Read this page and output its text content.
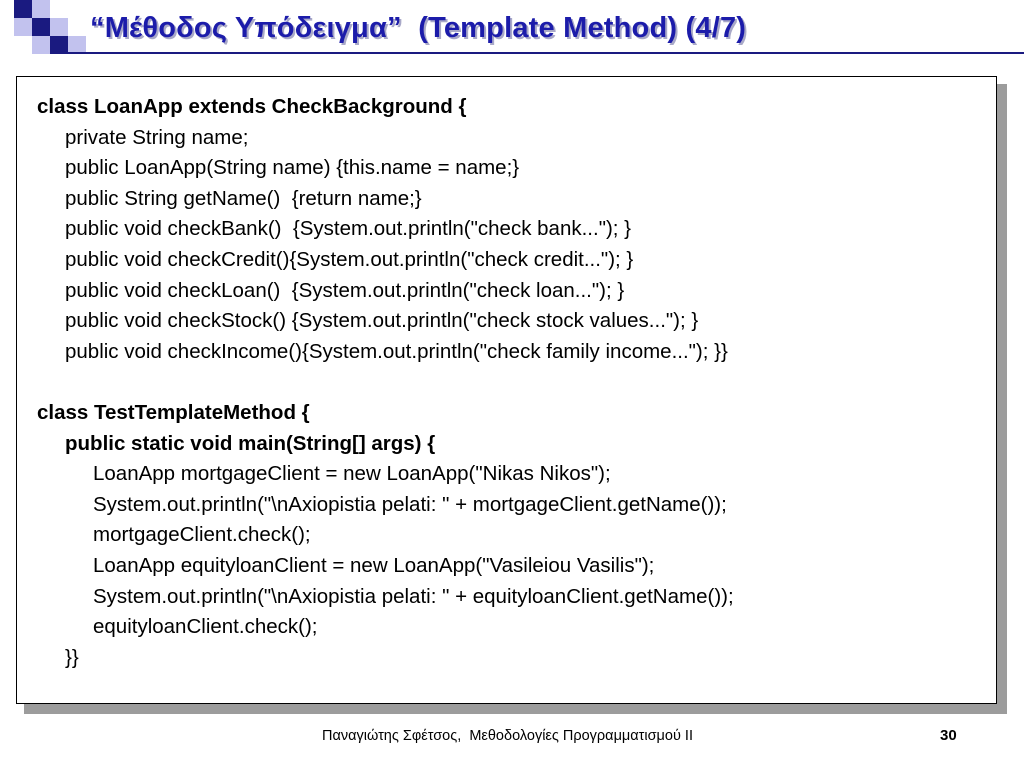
“Μέθοδος Υπόδειγμα”  (Template Method) (4/7)
class LoanApp extends CheckBackground {
private String name;
public LoanApp(String name) {this.name = name;}
public String getName()  {return name;}
public void checkBank()  {System.out.println("check bank..."); }
public void checkCredit(){System.out.println("check credit..."); }
public void checkLoan()  {System.out.println("check loan..."); }
public void checkStock() {System.out.println("check stock values..."); }
public void checkIncome(){System.out.println("check family income..."); }}
class TestTemplateMethod {
public static void main(String[] args) {
LoanApp mortgageClient = new LoanApp("Nikas Nikos");
System.out.println("\nAxiopistia pelati: " + mortgageClient.getName());
mortgageClient.check();
LoanApp equityloanClient = new LoanApp("Vasileiou Vasilis");
System.out.println("\nAxiopistia pelati: " + equityloanClient.getName());
equityloanClient.check();
}}
Παναγιώτης Σφέτσος,  Μεθοδολογίες Προγραμματισμού ΙΙ	30
